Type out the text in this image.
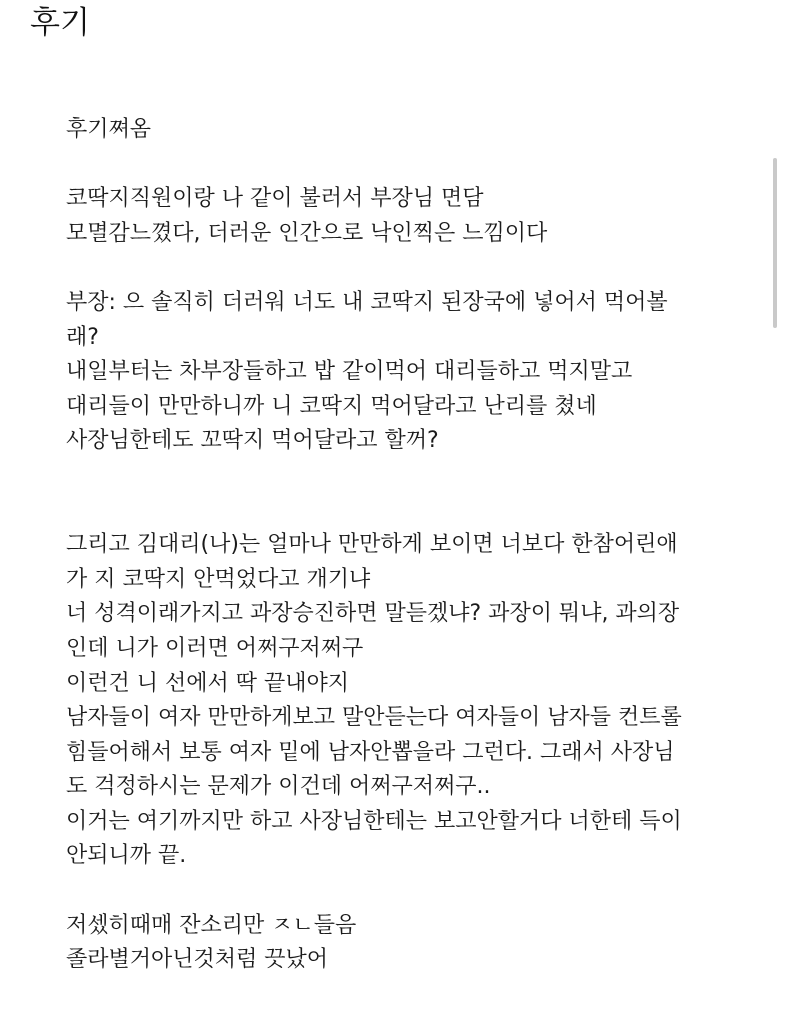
후기
후기쪄옴
코딱지직원이랑 나 같이 불러서 부장님 면담
모멸감느꼈다, 더러운 인간으로 낙인찍은 느낌이다
부장: 으 솔직히 더러워 너도 내 코딱지 된장국에 넣어서 먹어볼
래?
내일부터는 차부장들하고 밥 같이먹어 대리들하고 먹지말고
대리들이 만만하니까 니 코딱지 먹어달라고 난리를 쳤네
사장님한테도 꼬딱지 먹어달라고 할꺼?
그리고 김대리(나)는 얼마나 만만하게 보이면 너보다 한참어린애
가 지 코딱지 안먹었다고 개기냐
너 성격이래가지고 과장승진하면 말듣겠냐? 과장이 뭐냐, 과의장
인데 니가 이러면 어쩌구저쩌구
이런건 니 선에서 딱 끝내야지
남자들이 여자 만만하게보고 말안듣는다 여자들이 남자들 컨트롤
힘들어해서 보통 여자 밑에 남자안뽑을라 그런다. 그래서 사장님
도 걱정하시는 문제가 이건데 어쩌구저쩌구..
이거는 여기까지만 하고 사장님한테는 보고안할거다 너한테 득이
안되니까 끝.
저셌히때매 잔소리만 ㅈㄴ들음
졸라별거아닌것처럼 끗났어
